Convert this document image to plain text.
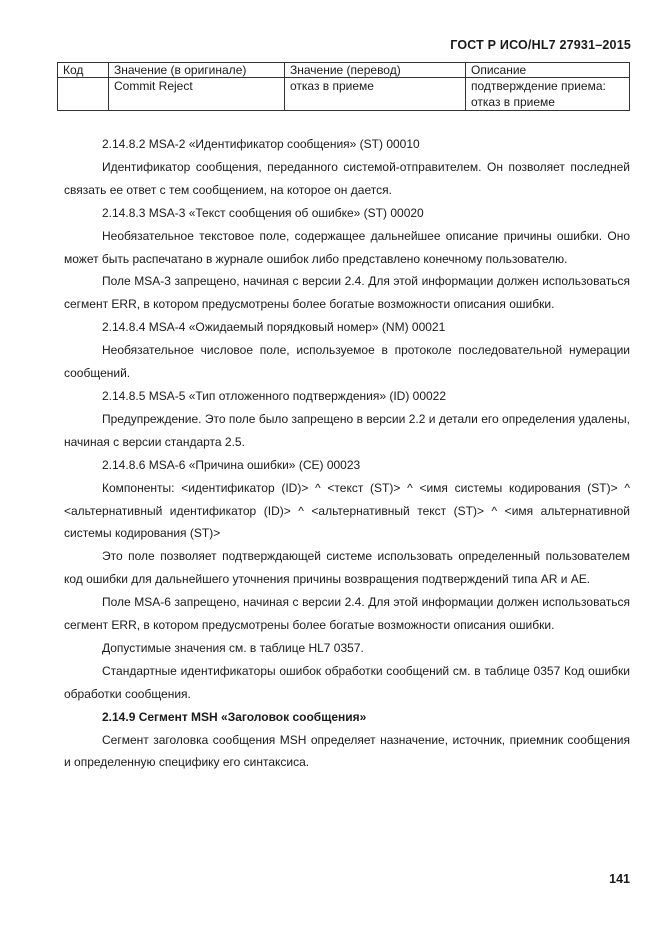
ГОСТ Р ИСО/HL7 27931–2015
Код	Значение (в оригинале)	Значение (перевод)	Описание
	Commit Reject	отказ в приеме	подтверждение приема: отказ в приеме

2.14.8.2 MSA-2 «Идентификатор сообщения» (ST) 00010

Идентификатор сообщения, переданного системой-отправителем. Он позволяет последней связать ее ответ с тем сообщением, на которое он дается.

2.14.8.3 MSA-3 «Текст сообщения об ошибке» (ST) 00020

Необязательное текстовое поле, содержащее дальнейшее описание причины ошибки. Оно может быть распечатано в журнале ошибок либо представлено конечному пользователю.

Поле MSA-3 запрещено, начиная с версии 2.4. Для этой информации должен использоваться сегмент ERR, в котором предусмотрены более богатые возможности описания ошибки.

2.14.8.4 MSA-4 «Ожидаемый порядковый номер» (NM) 00021

Необязательное числовое поле, используемое в протоколе последовательной нумерации сообщений.

2.14.8.5 MSA-5 «Тип отложенного подтверждения» (ID) 00022

Предупреждение. Это поле было запрещено в версии 2.2 и детали его определения удалены, начиная с версии стандарта 2.5.

2.14.8.6 MSA-6 «Причина ошибки» (CE) 00023

Компоненты: <идентификатор (ID)> ^ <текст (ST)> ^ <имя системы кодирования (ST)> ^ <альтернативный идентификатор (ID)> ^ <альтернативный текст (ST)> ^ <имя альтернативной системы кодирования (ST)>

Это поле позволяет подтверждающей системе использовать определенный пользователем код ошибки для дальнейшего уточнения причины возвращения подтверждений типа AR и AE.

Поле MSA-6 запрещено, начиная с версии 2.4. Для этой информации должен использоваться сегмент ERR, в котором предусмотрены более богатые возможности описания ошибки.

Допустимые значения см. в таблице HL7 0357.

Стандартные идентификаторы ошибок обработки сообщений см. в таблице 0357 Код ошибки обработки сообщения.

2.14.9 Сегмент MSH «Заголовок сообщения»

Сегмент заголовка сообщения MSH определяет назначение, источник, приемник сообщения и определенную специфику его синтаксиса.

141
